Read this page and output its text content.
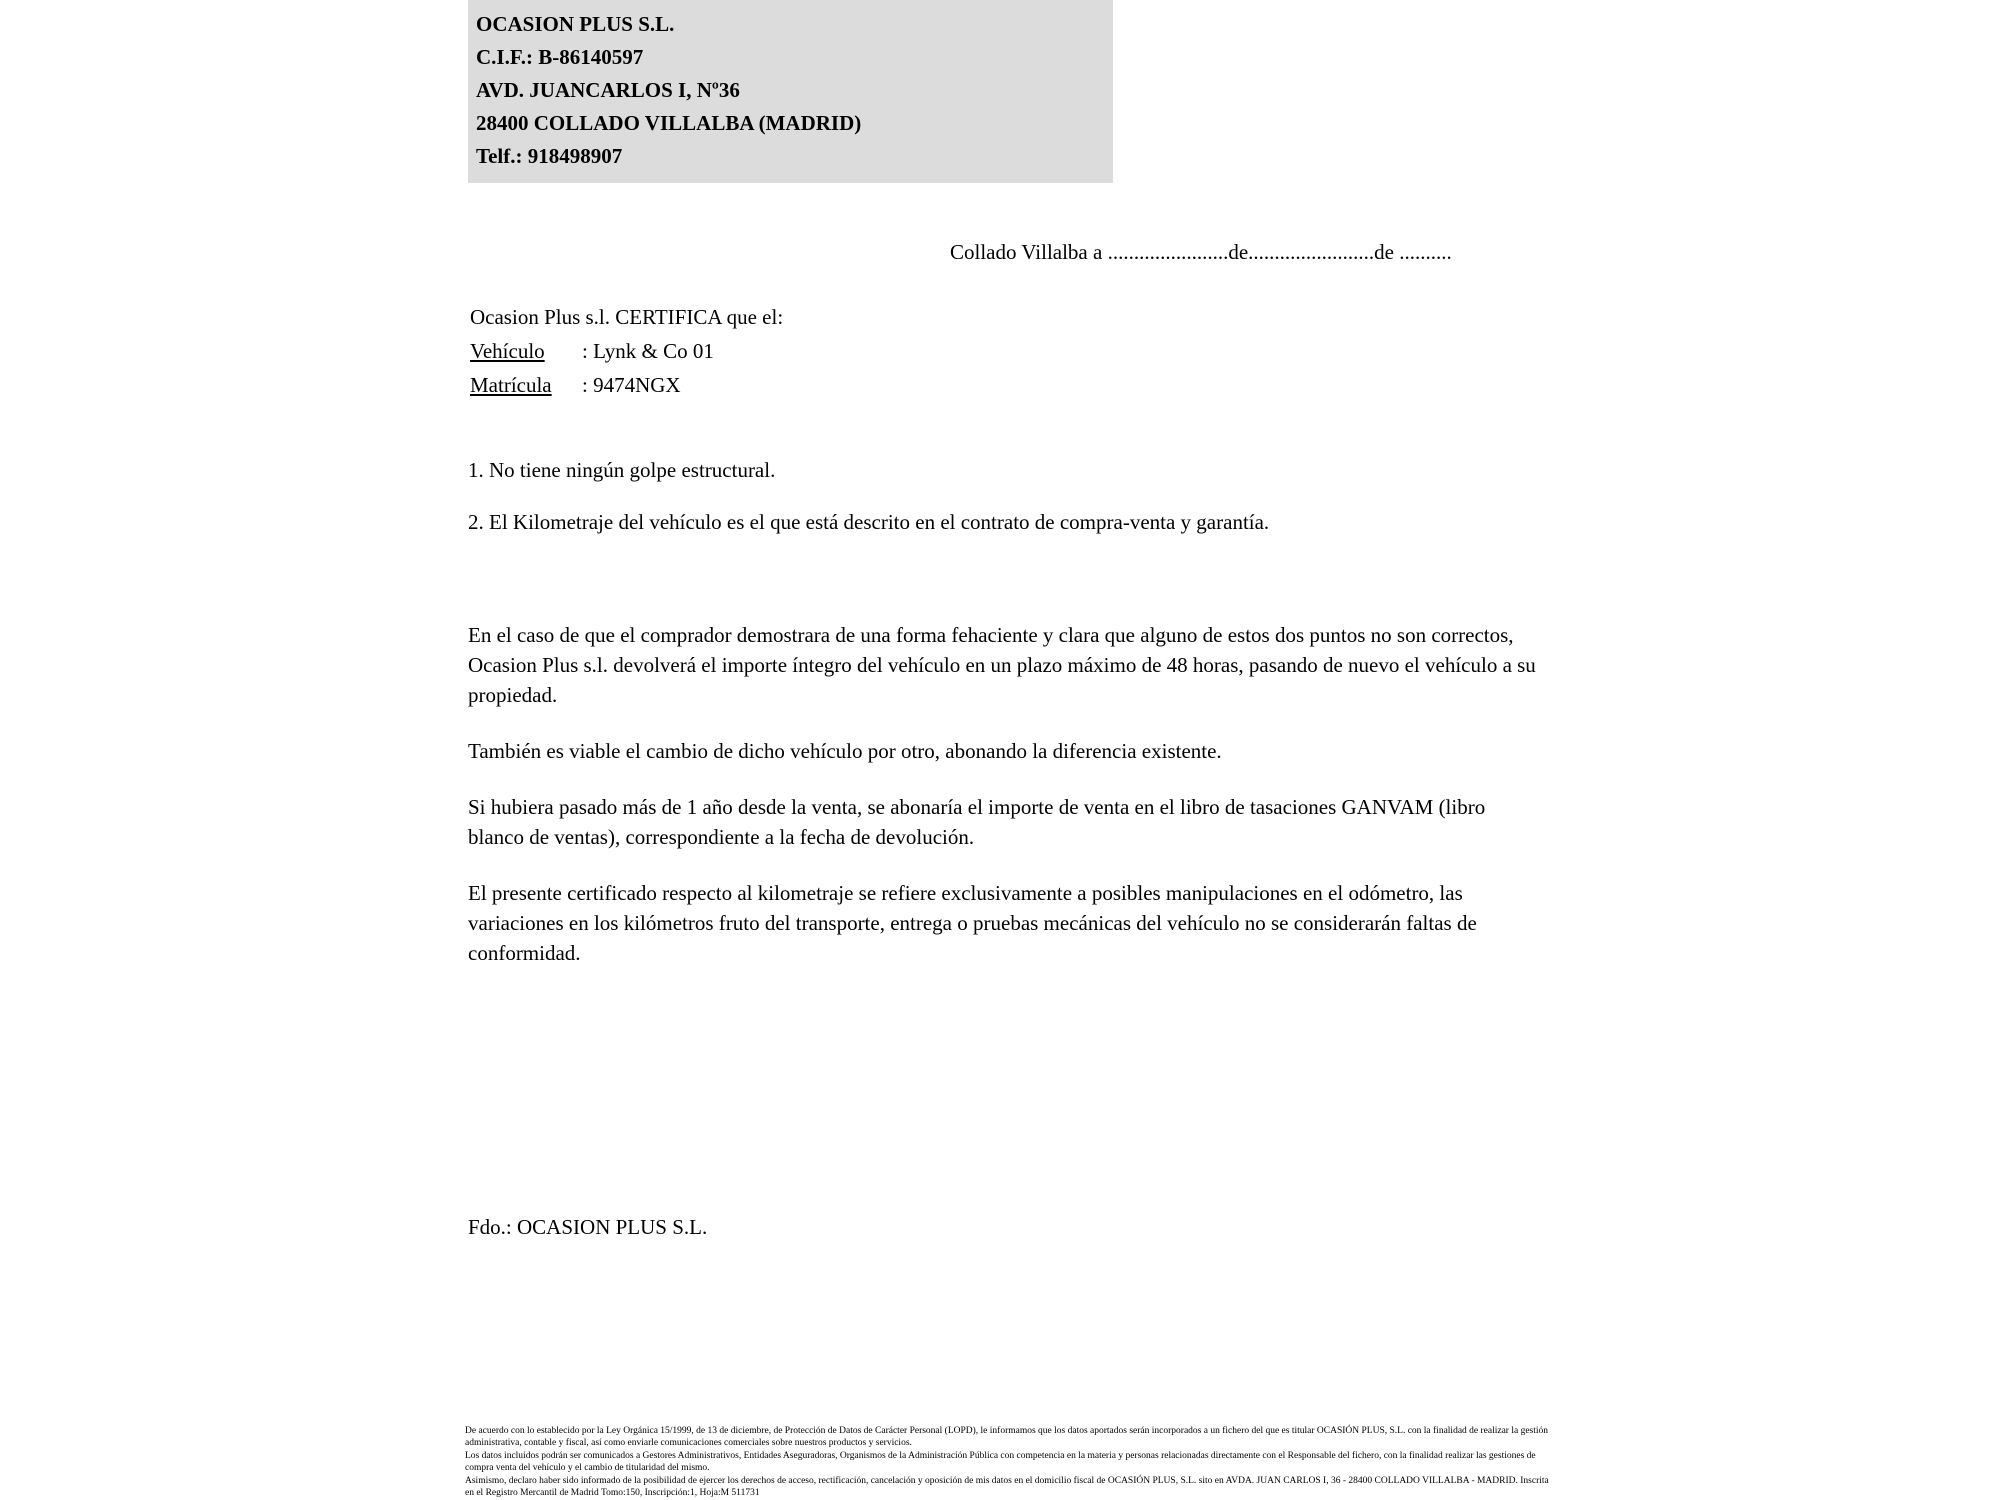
OCASION PLUS S.L.
C.I.F.: B-86140597
AVD. JUANCARLOS I, Nº36
28400 COLLADO VILLALBA (MADRID)
Telf.: 918498907
Collado Villalba a .......................de........................de ..........
Ocasion Plus s.l. CERTIFICA que el:
Vehículo : Lynk & Co 01
Matrícula : 9474NGX
1. No tiene ningún golpe estructural.
2. El Kilometraje del vehículo es el que está descrito en el contrato de compra-venta y garantía.

En el caso de que el comprador demostrara de una forma fehaciente y clara que alguno de estos dos puntos no son correctos, Ocasion Plus s.l. devolverá el importe íntegro del vehículo en un plazo máximo de 48 horas, pasando de nuevo el vehículo a su propiedad.

También es viable el cambio de dicho vehículo por otro, abonando la diferencia existente.

Si hubiera pasado más de 1 año desde la venta, se abonaría el importe de venta en el libro de tasaciones GANVAM (libro blanco de ventas), correspondiente a la fecha de devolución.

El presente certificado respecto al kilometraje se refiere exclusivamente a posibles manipulaciones en el odómetro, las variaciones en los kilómetros fruto del transporte, entrega o pruebas mecánicas del vehículo no se considerarán faltas de conformidad.

Fdo.: OCASION PLUS S.L.
De acuerdo con lo establecido por la Ley Orgánica 15/1999, de 13 de diciembre, de Protección de Datos de Carácter Personal (LOPD), le informamos que los datos aportados serán incorporados a un fichero del que es titular OCASIÓN PLUS, S.L. con la finalidad de realizar la gestión administrativa, contable y fiscal, así como enviarle comunicaciones comerciales sobre nuestros productos y servicios.
Los datos incluidos podrán ser comunicados a Gestores Administrativos, Entidades Aseguradoras, Organismos de la Administración Pública con competencia en la materia y personas relacionadas directamente con el Responsable del fichero, con la finalidad realizar las gestiones de compra venta del vehículo y el cambio de titularidad del mismo.
Asimismo, declaro haber sido informado de la posibilidad de ejercer los derechos de acceso, rectificación, cancelación y oposición de mis datos en el domicilio fiscal de OCASIÓN PLUS, S.L. sito en AVDA. JUAN CARLOS I, 36 - 28400 COLLADO VILLALBA - MADRID. Inscrita en el Registro Mercantil de Madrid Tomo:150, Inscripción:1, Hoja:M 511731
